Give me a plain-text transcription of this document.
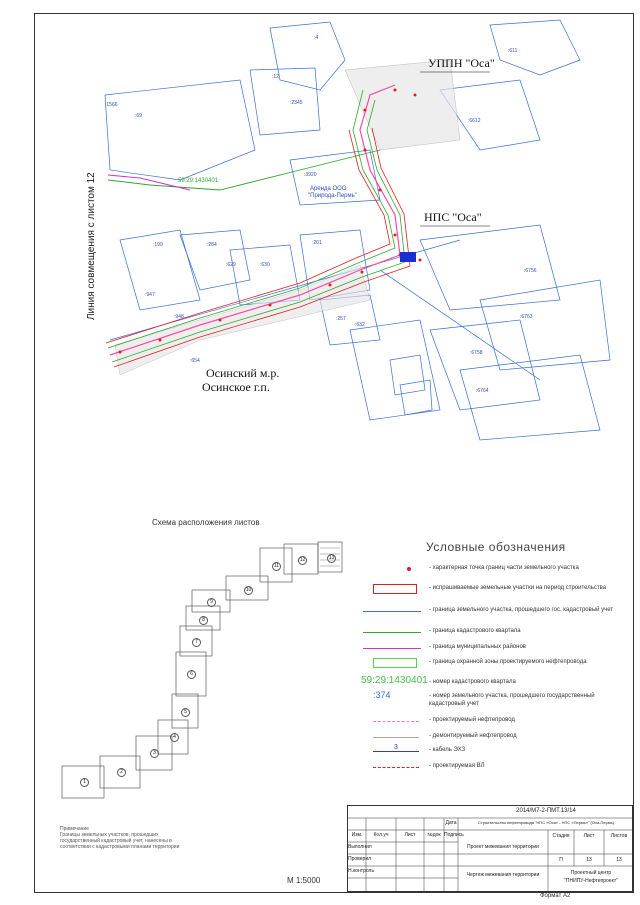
УППН "Оса"
НПС "Оса"
Осинский м.р.
Осинское г.п.
59:29:1430401
Аренда ООО
"Природа-Пермь"
Линия совмещения с листом 12
:4
:611
:12
:2345
:6612
:1566
:69
:3920
:199	:284
:629	:630
:201
:947
:948	:257
:632
:6756
:6763
:6758
:6764
:654
Схема расположения листов
1
2
3
4
5
6
7
8
9
10
11
12	13
Условные обозначения
- характерная точка границ части земельного участка
- испрашиваемые земельные участки на период строительства
- граница земельного участка, прошедшего гос. кадастровый учет
- граница кадастрового квартала
- граница муниципальных районов
- граница охранной зоны проектируемого нефтепровода
59:29:1430401 - номер кадастрового квартала
:374	- номер земельного участка, прошедшего государственный кадастровый учет
- проектируемый нефтепровод
- демонтируемый нефтепровод
3	- кабель ЭХЗ
- проектируемая ВЛ
Примечание
Границы земельных участков, прошедших государственный кадастровый учет, нанесены в соответствии с кадастровыми планами территории
М 1:5000
2014/М7-2-ПМТ.13/14
Строительство нефтепровода "НПС «Оса» - НПС «Пермь»" (Оса-Пермь)
Проект межевания территории
Чертеж межевания территории
Стадия	Лист	Листов
П	13	13
Проектный центр
"ПНИПУ-Нефтепроект"
Выполнил
Проверил
Н.контроль
Изм.	Кол.уч	Лист	№док Подпись
Дата
Формат А2
